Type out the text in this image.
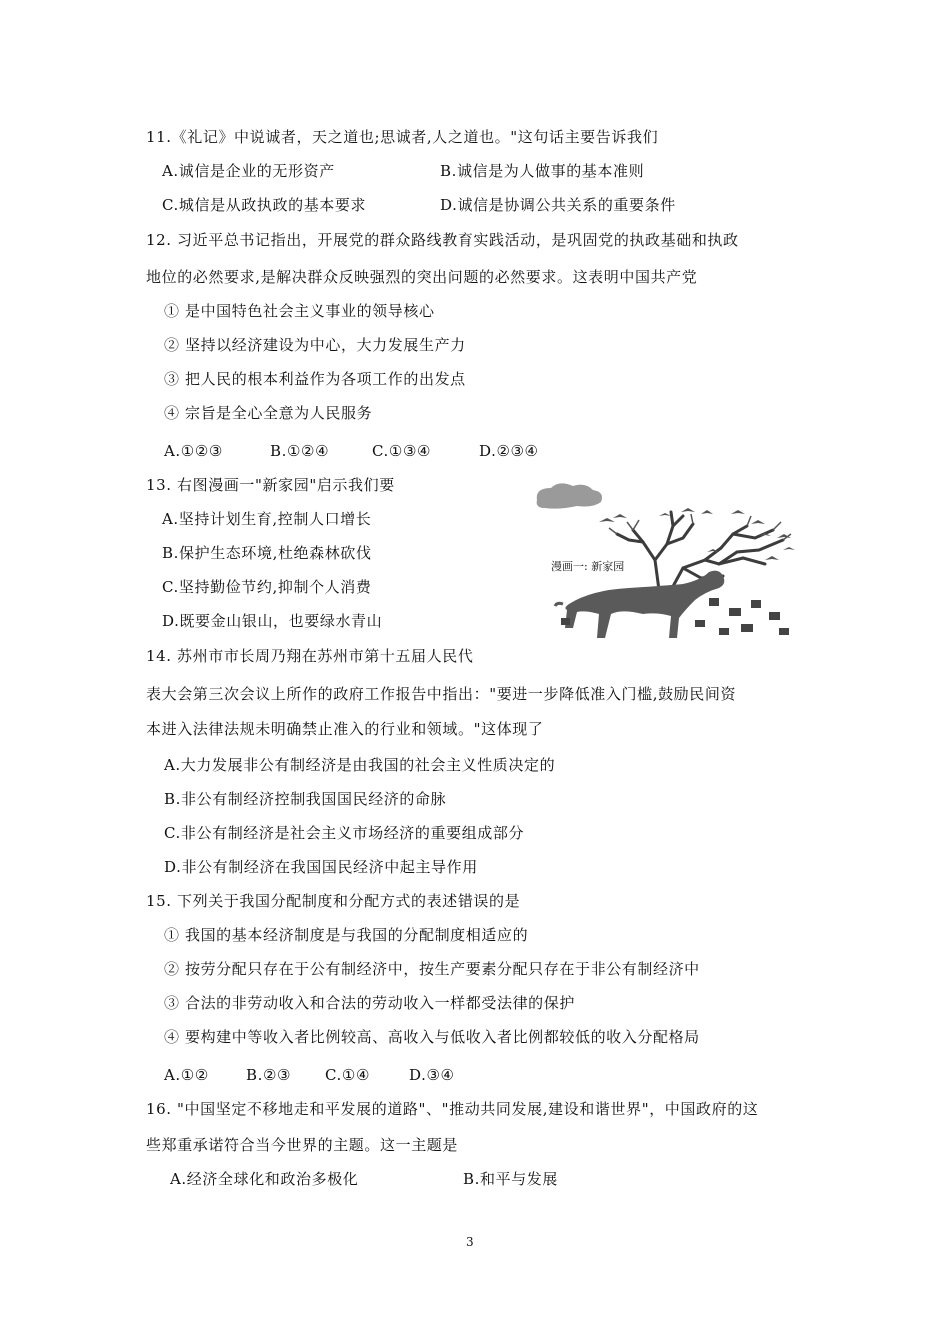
11.《礼记》中说诚者，天之道也;思诚者,人之道也。"这句话主要告诉我们
A.诚信是企业的无形资产	B.诚信是为人做事的基本准则
C.城信是从政执政的基本要求	D.诚信是协调公共关系的重要条件
12. 习近平总书记指出，开展党的群众路线教育实践活动，是巩固党的执政基础和执政
地位的必然要求,是解决群众反映强烈的突出问题的必然要求。这表明中国共产党
① 是中国特色社会主义事业的领导核心
② 坚持以经济建设为中心，大力发展生产力
③ 把人民的根本利益作为各项工作的出发点
④ 宗旨是全心全意为人民服务
A.①②③	B.①②④	C.①③④	D.②③④
13. 右图漫画一"新家园"启示我们要
A.坚持计划生育,控制人口增长
B.保护生态环境,杜绝森林砍伐
C.坚持勤俭节约,抑制个人消费
D.既要金山银山，也要绿水青山
漫画一: 新家园
14. 苏州市市长周乃翔在苏州市第十五届人民代
表大会第三次会议上所作的政府工作报告中指出："要进一步降低准入门槛,鼓励民间资
本进入法律法规未明确禁止准入的行业和领域。"这体现了
A.大力发展非公有制经济是由我国的社会主义性质决定的
B.非公有制经济控制我国国民经济的命脉
C.非公有制经济是社会主义市场经济的重要组成部分
D.非公有制经济在我国国民经济中起主导作用
15. 下列关于我国分配制度和分配方式的表述错误的是
① 我国的基本经济制度是与我国的分配制度相适应的
② 按劳分配只存在于公有制经济中，按生产要素分配只存在于非公有制经济中
③ 合法的非劳动收入和合法的劳动收入一样都受法律的保护
④ 要构建中等收入者比例较高、高收入与低收入者比例都较低的收入分配格局
A.①② B.②③ C.①④	D.③④
16. "中国坚定不移地走和平发展的道路"、"推动共同发展,建设和谐世界"，中国政府的这
些郑重承诺符合当今世界的主题。这一主题是
A.经济全球化和政治多极化	B.和平与发展
3
